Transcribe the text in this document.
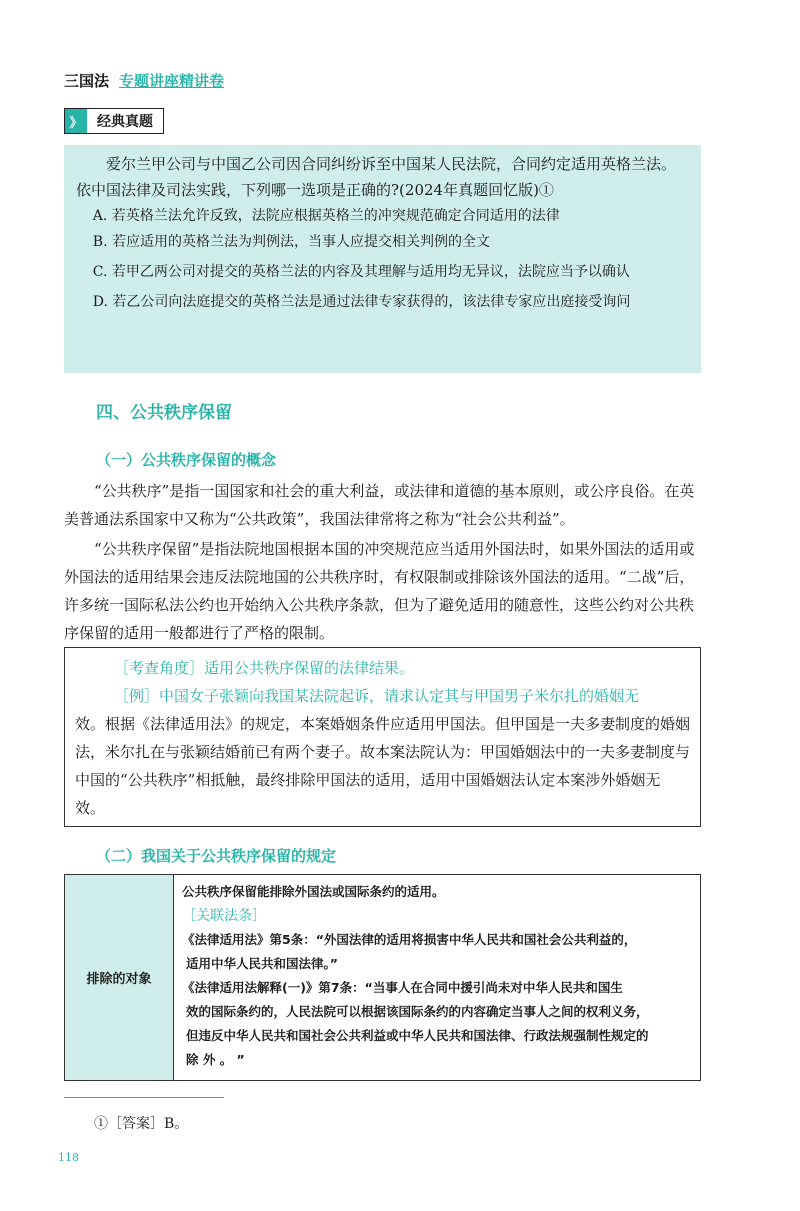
三国法 专题讲座精讲卷
》	经典真题

爱尔兰甲公司与中国乙公司因合同纠纷诉至中国某人民法院，合同约定适用英格兰法。依中国法律及司法实践，下列哪一选项是正确的?(2024年真题回忆版)①

A. 若英格兰法允许反致，法院应根据英格兰的冲突规范确定合同适用的法律

B. 若应适用的英格兰法为判例法，当事人应提交相关判例的全文

C. 若甲乙两公司对提交的英格兰法的内容及其理解与适用均无异议，法院应当予以确认

D. 若乙公司向法庭提交的英格兰法是通过法律专家获得的，该法律专家应出庭接受询问

四、公共秩序保留
（一）公共秩序保留的概念

“公共秩序”是指一国国家和社会的重大利益，或法律和道德的基本原则，或公序良俗。在英美普通法系国家中又称为“公共政策”，我国法律常将之称为“社会公共利益”。

“公共秩序保留”是指法院地国根据本国的冲突规范应当适用外国法时，如果外国法的适用或外国法的适用结果会违反法院地国的公共秩序时，有权限制或排除该外国法的适用。“二战”后，许多统一国际私法公约也开始纳入公共秩序条款，但为了避免适用的随意性，这些公约对公共秩序保留的适用一般都进行了严格的限制。

［考查角度］适用公共秩序保留的法律结果。

［例］中国女子张颖向我国某法院起诉，请求认定其与甲国男子米尔扎的婚姻无

效。根据《法律适用法》的规定，本案婚姻条件应适用甲国法。但甲国是一夫多妻制度的婚姻法，米尔扎在与张颖结婚前已有两个妻子。故本案法院认为：甲国婚姻法中的一夫多妻制度与中国的“公共秩序”相抵触，最终排除甲国法的适用，适用中国婚姻法认定本案涉外婚姻无效。

（二）我国关于公共秩序保留的规定
排除的对象

公共秩序保留能排除外国法或国际条约的适用。

［关联法条］

《法律适用法》第5条：“外国法律的适用将损害中华人民共和国社会公共利益的，

适用中华人民共和国法律。”

《法律适用法解释(一)》第7条：“当事人在合同中援引尚未对中华人民共和国生

效的国际条约的，人民法院可以根据该国际条约的内容确定当事人之间的权利义务，

但违反中华人民共和国社会公共利益或中华人民共和国法律、行政法规强制性规定的

除 外 。 ”

①［答案］B。
118
